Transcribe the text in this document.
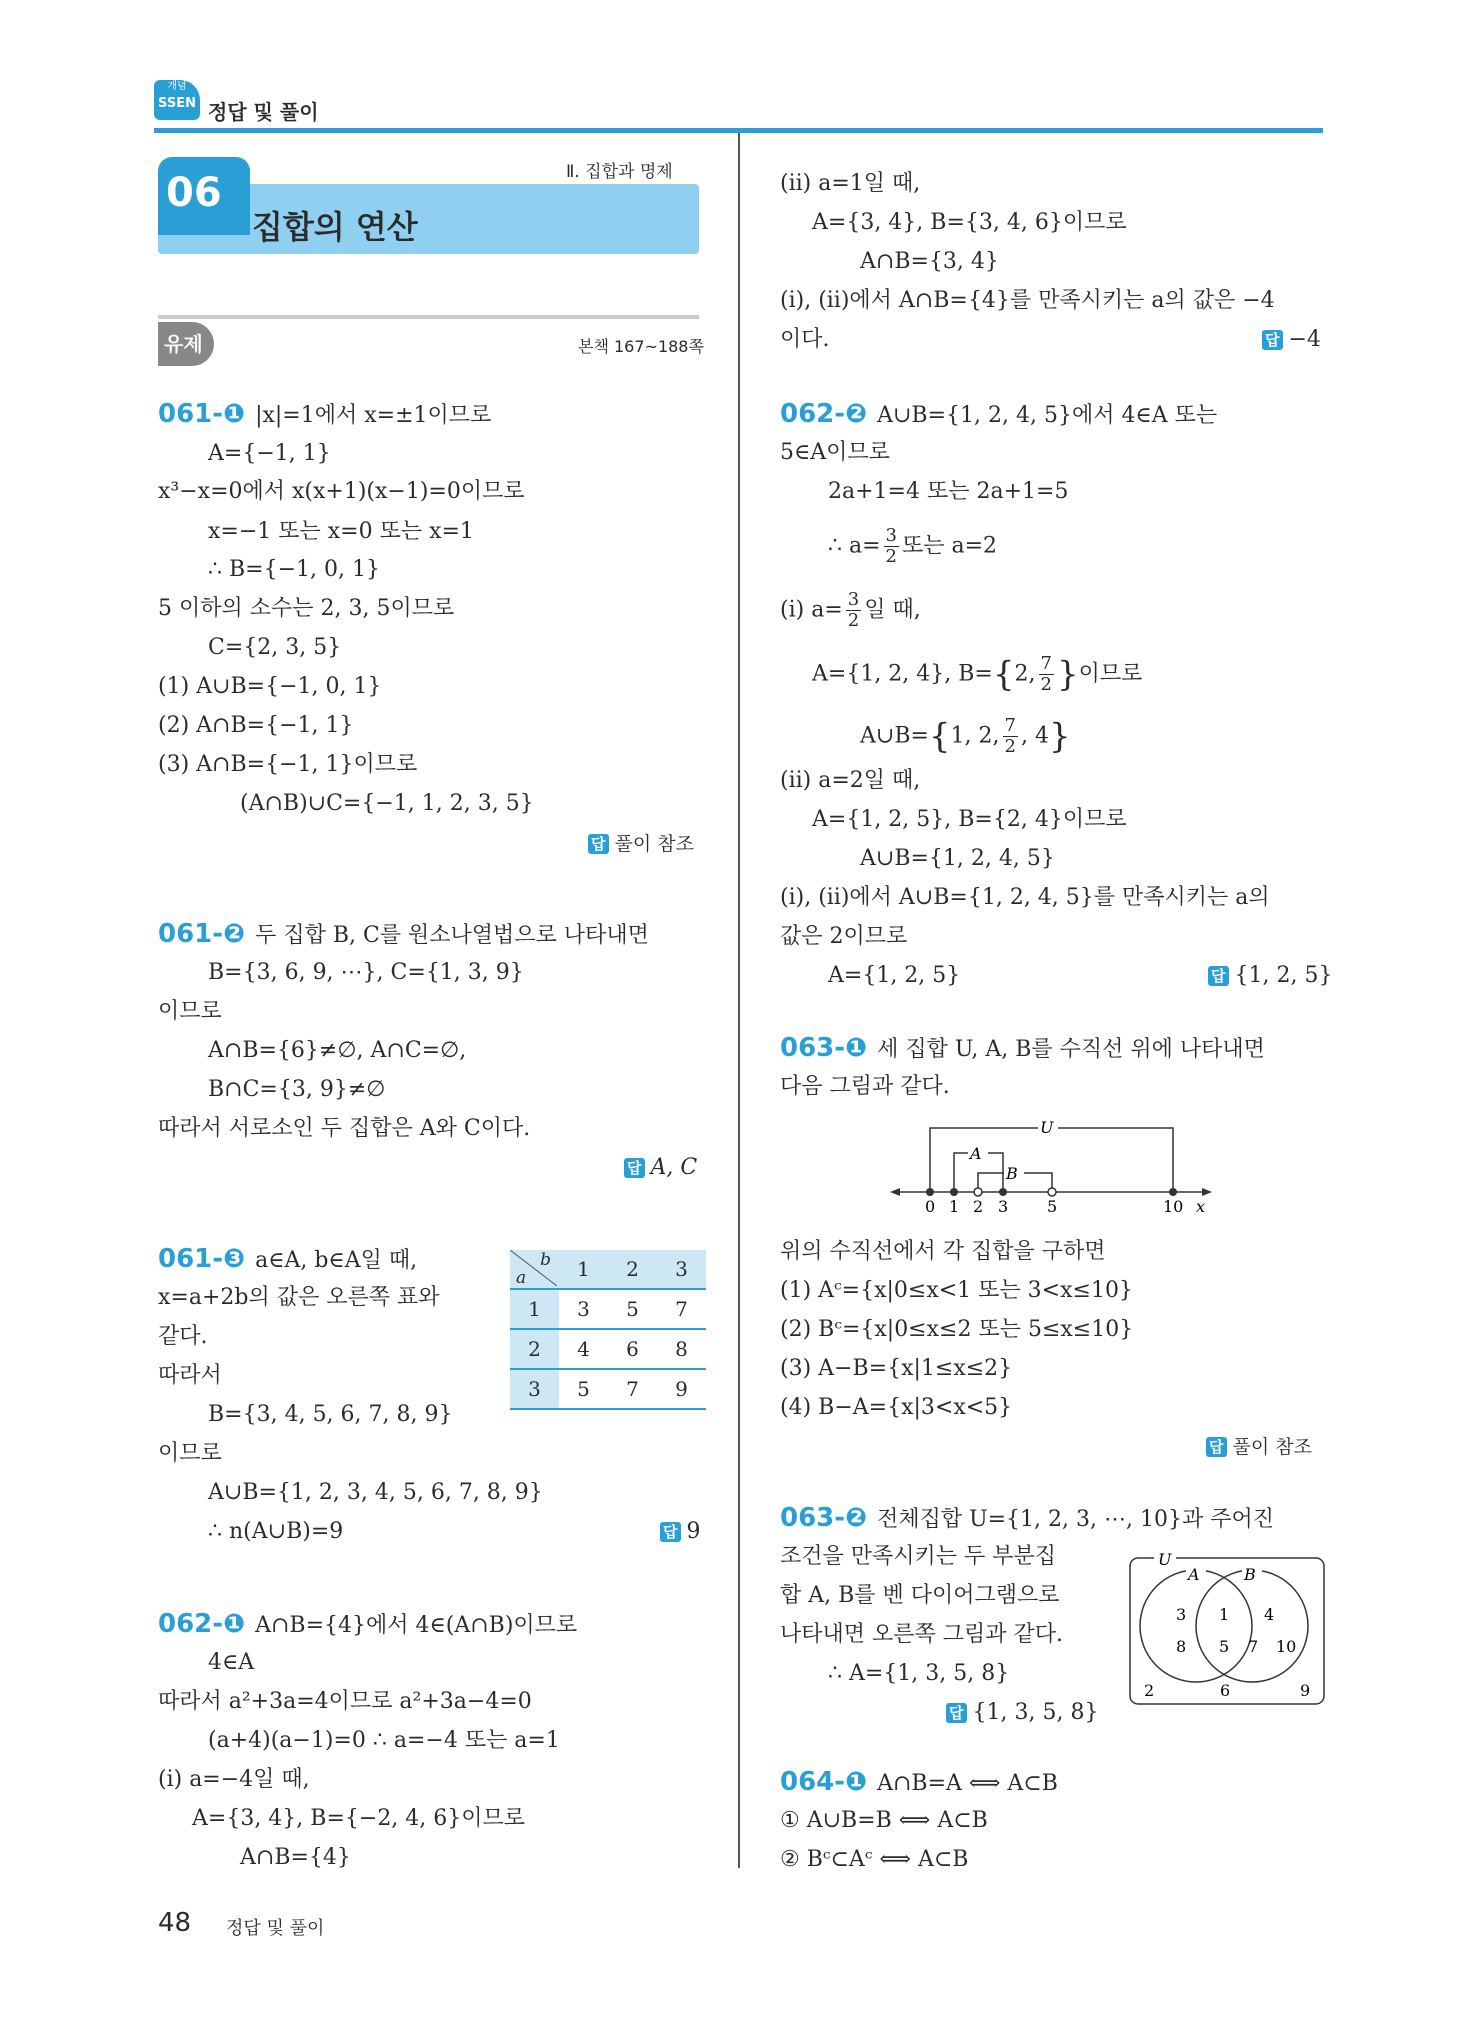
개념
SSEN 정답 및 풀이
06
집합의 연산
Ⅱ. 집합과 명제
유제	본책 167~188쪽
061-❶ |x|=1에서 x=±1이므로
A={−1, 1}
x³−x=0에서 x(x+1)(x−1)=0이므로
x=−1 또는 x=0 또는 x=1
∴ B={−1, 0, 1}
5 이하의 소수는 2, 3, 5이므로
C={2, 3, 5}
(1) A∪B={−1, 0, 1}
(2) A∩B={−1, 1}
(3) A∩B={−1, 1}이므로
(A∩B)∪C={−1, 1, 2, 3, 5}
답 풀이 참조
061-❷ 두 집합 B, C를 원소나열법으로 나타내면
B={3, 6, 9, ⋯}, C={1, 3, 9}
이므로
A∩B={6}≠∅, A∩C=∅,
B∩C={3, 9}≠∅
따라서 서로소인 두 집합은 A와 C이다.
답 A, C
061-❸ a∈A, b∈A일 때,
x=a+2b의 값은 오른쪽 표와
같다.
따라서
B={3, 4, 5, 6, 7, 8, 9}
이므로
A∪B={1, 2, 3, 4, 5, 6, 7, 8, 9}
∴ n(A∪B)=9	답 9
b
a	1	2	3
1	3	5	7
2	4	6	8
3	5	7	9
062-❶ A∩B={4}에서 4∈(A∩B)이므로
4∈A
따라서 a²+3a=4이므로 a²+3a−4=0
(a+4)(a−1)=0 ∴ a=−4 또는 a=1
(ⅰ) a=−4일 때,
A={3, 4}, B={−2, 4, 6}이므로
A∩B={4}
48 정답 및 풀이
(ⅱ) a=1일 때,
A={3, 4}, B={3, 4, 6}이므로
A∩B={3, 4}
(ⅰ), (ⅱ)에서 A∩B={4}를 만족시키는 a의 값은 −4
이다.	답 −4
062-❷ A∪B={1, 2, 4, 5}에서 4∈A 또는
5∈A이므로
2a+1=4 또는 2a+1=5
∴ $a= \frac{3}{2}$ 또는 a=2
(ⅰ) $a= \frac{3}{2}$ 일 때,
A={1, 2, 4}, B={2, $\frac{7}{2}$ }이므로
A∪B={1, 2, $\frac{7}{2}$ , 4}
(ⅱ) a=2일 때,
A={1, 2, 5}, B={2, 4}이므로
A∪B={1, 2, 4, 5}
(ⅰ), (ⅱ)에서 A∪B={1, 2, 4, 5}를 만족시키는 a의
값은 2이므로
A={1, 2, 5}	답 {1, 2, 5}
063-❶ 세 집합 U, A, B를 수직선 위에 나타내면
다음 그림과 같다.
U
A
B
0 1 2 3 5	10 x
위의 수직선에서 각 집합을 구하면
(1) Aᶜ={x|0≤x<1 또는 3<x≤10}
(2) Bᶜ={x|0≤x≤2 또는 5≤x≤10}
(3) A−B={x|1≤x≤2}
(4) B−A={x|3<x<5}
답 풀이 참조
063-❷ 전체집합 U={1, 2, 3, ⋯, 10}과 주어진
조건을 만족시키는 두 부분집
합 A, B를 벤 다이어그램으로
나타내면 오른쪽 그림과 같다.
∴ A={1, 3, 5, 8}
답 {1, 3, 5, 8}
U
A	B
3
8
1
5
4
7 10
2	6	9
064-❶ A∩B=A ⟺ A⊂B
① A∪B=B ⟺ A⊂B
② Bᶜ⊂Aᶜ ⟺ A⊂B
